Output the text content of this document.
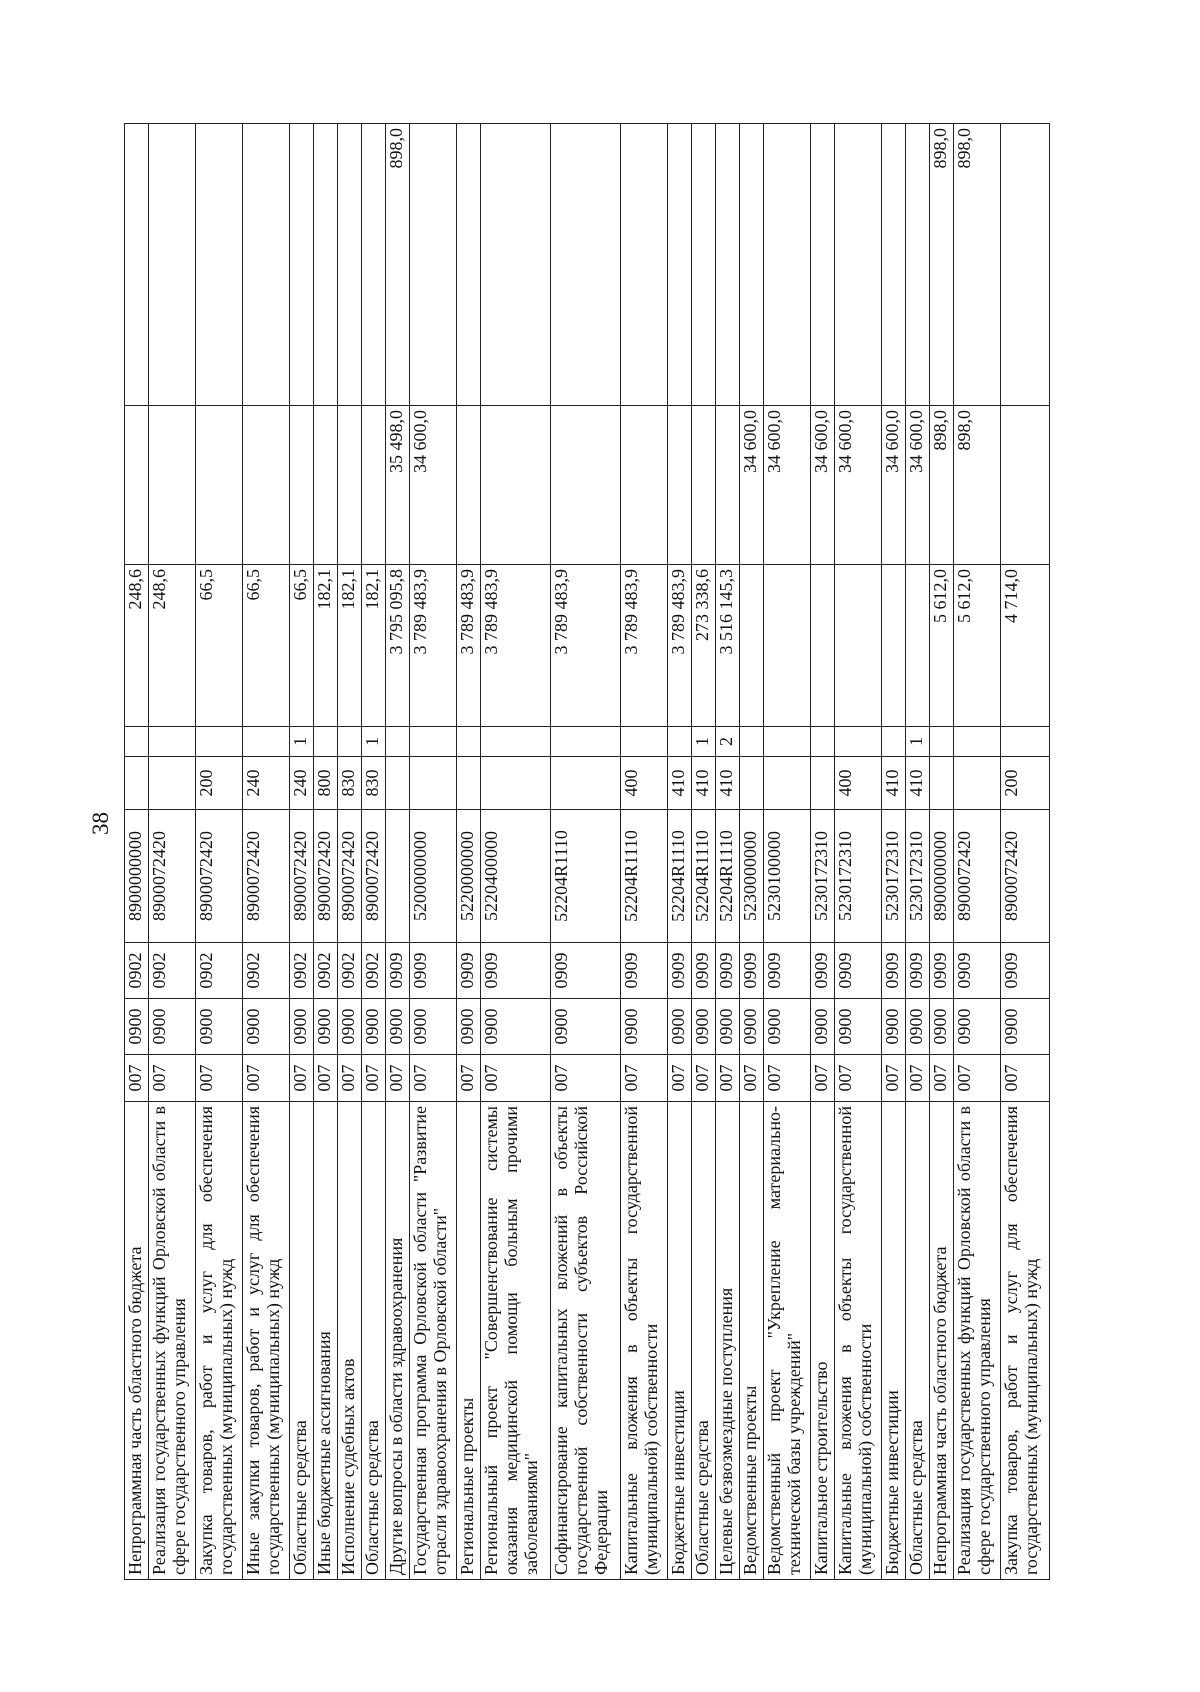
38
Непрограммная часть областного бюджета	007	0900	0902	8900000000			248,6		
Реализация государственных функций Орловской области в сфере государственного управления	007	0900	0902	8900072420			248,6		
Закупка товаров, работ и услуг для обеспечения государственных (муниципальных) нужд	007	0900	0902	8900072420	200		66,5		
Иные закупки товаров, работ и услуг для обеспечения государственных (муниципальных) нужд	007	0900	0902	8900072420	240		66,5		
Областные средства	007	0900	0902	8900072420	240	1	66,5		
Иные бюджетные ассигнования	007	0900	0902	8900072420	800		182,1		
Исполнение судебных актов	007	0900	0902	8900072420	830		182,1		
Областные средства	007	0900	0902	8900072420	830	1	182,1		
Другие вопросы в области здравоохранения	007	0900	0909				3 795 095,8	35 498,0	898,0
Государственная программа Орловской области "Развитие отрасли здравоохранения в Орловской области"	007	0900	0909	5200000000			3 789 483,9	34 600,0	
Региональные проекты	007	0900	0909	5220000000			3 789 483,9		
Региональный проект "Совершенствование системы оказания медицинской помощи больным прочими заболеваниями"	007	0900	0909	5220400000			3 789 483,9		
Софинансирование капитальных вложений в объекты государственной собственности субъектов Российской Федерации	007	0900	0909	52204R1110			3 789 483,9		
Капитальные вложения в объекты государственной (муниципальной) собственности	007	0900	0909	52204R1110	400		3 789 483,9		
Бюджетные инвестиции	007	0900	0909	52204R1110	410		3 789 483,9		
Областные средства	007	0900	0909	52204R1110	410	1	273 338,6		
Целевые безвозмездные поступления	007	0900	0909	52204R1110	410	2	3 516 145,3		
Ведомственные проекты	007	0900	0909	5230000000				34 600,0	
Ведомственный проект "Укрепление материально-технической базы учреждений"	007	0900	0909	5230100000				34 600,0	
Капитальное строительство	007	0900	0909	5230172310				34 600,0	
Капитальные вложения в объекты государственной (муниципальной) собственности	007	0900	0909	5230172310	400			34 600,0	
Бюджетные инвестиции	007	0900	0909	5230172310	410			34 600,0	
Областные средства	007	0900	0909	5230172310	410	1		34 600,0	
Непрограммная часть областного бюджета	007	0900	0909	8900000000			5 612,0	898,0	898,0
Реализация государственных функций Орловской области в сфере государственного управления	007	0900	0909	8900072420			5 612,0	898,0	898,0
Закупка товаров, работ и услуг для обеспечения государственных (муниципальных) нужд	007	0900	0909	8900072420	200		4 714,0		
